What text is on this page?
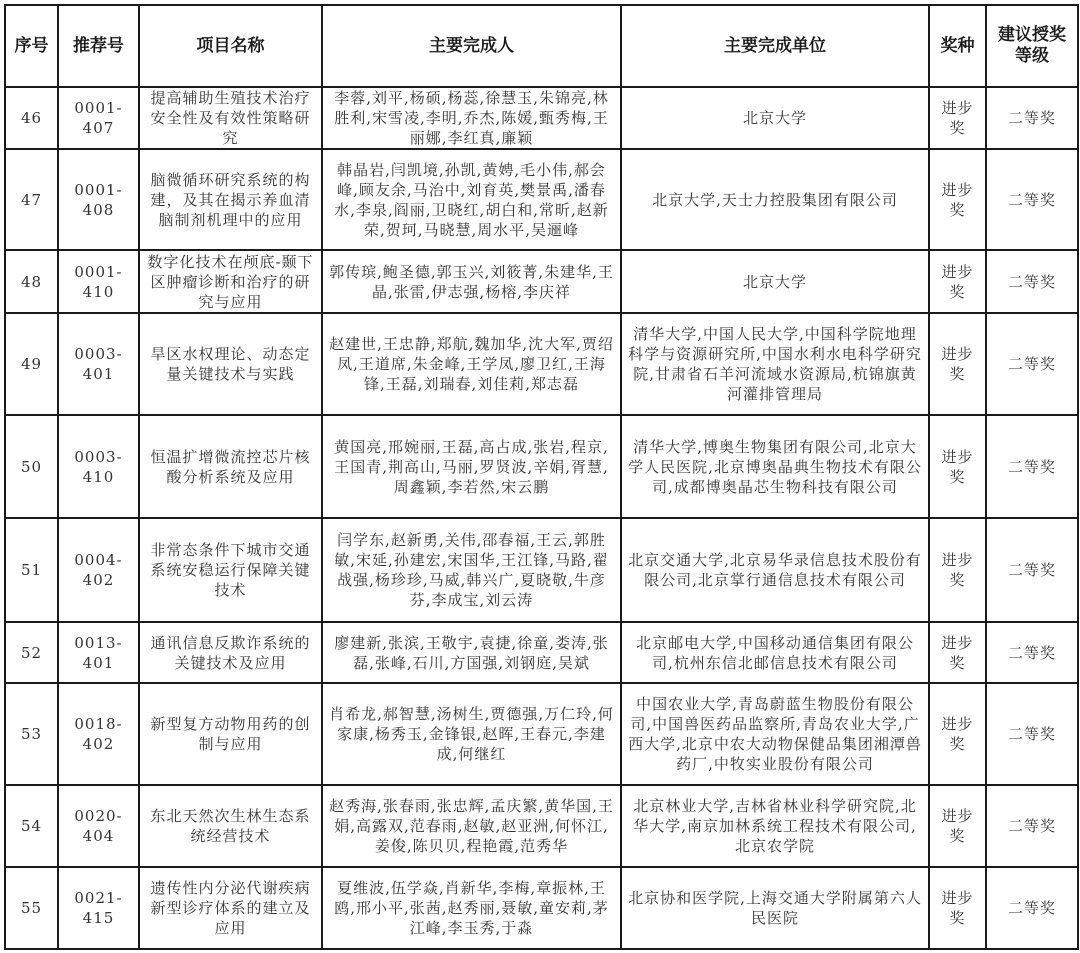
序号	推荐号	项目名称	主要完成人	主要完成单位	奖种	建议授奖等级
46	0001-407	提高辅助生殖技术治疗安全性及有效性策略研究	李蓉,刘平,杨硕,杨蕊,徐慧玉,朱锦亮,林胜利,宋雪凌,李明,乔杰,陈媛,甄秀梅,王丽娜,李红真,廉颖	北京大学	进步奖	二等奖
47	0001-408	脑微循环研究系统的构建，及其在揭示养血清脑制剂机理中的应用	韩晶岩,闫凯境,孙凯,黄娉,毛小伟,郝会峰,顾友余,马治中,刘育英,樊景禹,潘春水,李泉,阎丽,卫晓红,胡白和,常昕,赵新荣,贺珂,马晓慧,周水平,吴逦峰	北京大学,天士力控股集团有限公司	进步奖	二等奖
48	0001-410	数字化技术在颅底-颞下区肿瘤诊断和治疗的研究与应用	郭传瑸,鲍圣德,郭玉兴,刘筱菁,朱建华,王晶,张雷,伊志强,杨榕,李庆祥	北京大学	进步奖	二等奖
49	0003-401	旱区水权理论、动态定量关键技术与实践	赵建世,王忠静,郑航,魏加华,沈大军,贾绍凤,王道席,朱金峰,王学凤,廖卫红,王海锋,王磊,刘瑞春,刘佳莉,郑志磊	清华大学,中国人民大学,中国科学院地理科学与资源研究所,中国水利水电科学研究院,甘肃省石羊河流域水资源局,杭锦旗黄河灌排管理局	进步奖	二等奖
50	0003-410	恒温扩增微流控芯片核酸分析系统及应用	黄国亮,邢婉丽,王磊,高占成,张岩,程京,王国青,荆高山,马丽,罗贤波,辛娟,胥慧,周鑫颖,李若然,宋云鹏	清华大学,博奥生物集团有限公司,北京大学人民医院,北京博奥晶典生物技术有限公司,成都博奥晶芯生物科技有限公司	进步奖	二等奖
51	0004-402	非常态条件下城市交通系统安稳运行保障关键技术	闫学东,赵新勇,关伟,邵春福,王云,郭胜敏,宋延,孙建宏,宋国华,王江锋,马路,翟战强,杨珍珍,马威,韩兴广,夏晓敬,牛彦芬,李成宝,刘云涛	北京交通大学,北京易华录信息技术股份有限公司,北京掌行通信息技术有限公司	进步奖	二等奖
52	0013-401	通讯信息反欺诈系统的关键技术及应用	廖建新,张滨,王敬宇,袁捷,徐童,娄涛,张磊,张峰,石川,方国强,刘钢庭,吴斌	北京邮电大学,中国移动通信集团有限公司,杭州东信北邮信息技术有限公司	进步奖	二等奖
53	0018-402	新型复方动物用药的创制与应用	肖希龙,郝智慧,汤树生,贾德强,万仁玲,何家康,杨秀玉,金锋银,赵晖,王春元,李建成,何继红	中国农业大学,青岛蔚蓝生物股份有限公司,中国兽医药品监察所,青岛农业大学,广西大学,北京中农大动物保健品集团湘潭兽药厂,中牧实业股份有限公司	进步奖	二等奖
54	0020-404	东北天然次生林生态系统经营技术	赵秀海,张春雨,张忠辉,孟庆繁,黄华国,王娟,高露双,范春雨,赵敏,赵亚洲,何怀江,姜俊,陈贝贝,程艳霞,范秀华	北京林业大学,吉林省林业科学研究院,北华大学,南京加林系统工程技术有限公司,北京农学院	进步奖	二等奖
55	0021-415	遗传性内分泌代谢疾病新型诊疗体系的建立及应用	夏维波,伍学焱,肖新华,李梅,章振林,王鸥,邢小平,张茜,赵秀丽,聂敏,童安莉,茅江峰,李玉秀,于淼	北京协和医学院,上海交通大学附属第六人民医院	进步奖	二等奖
